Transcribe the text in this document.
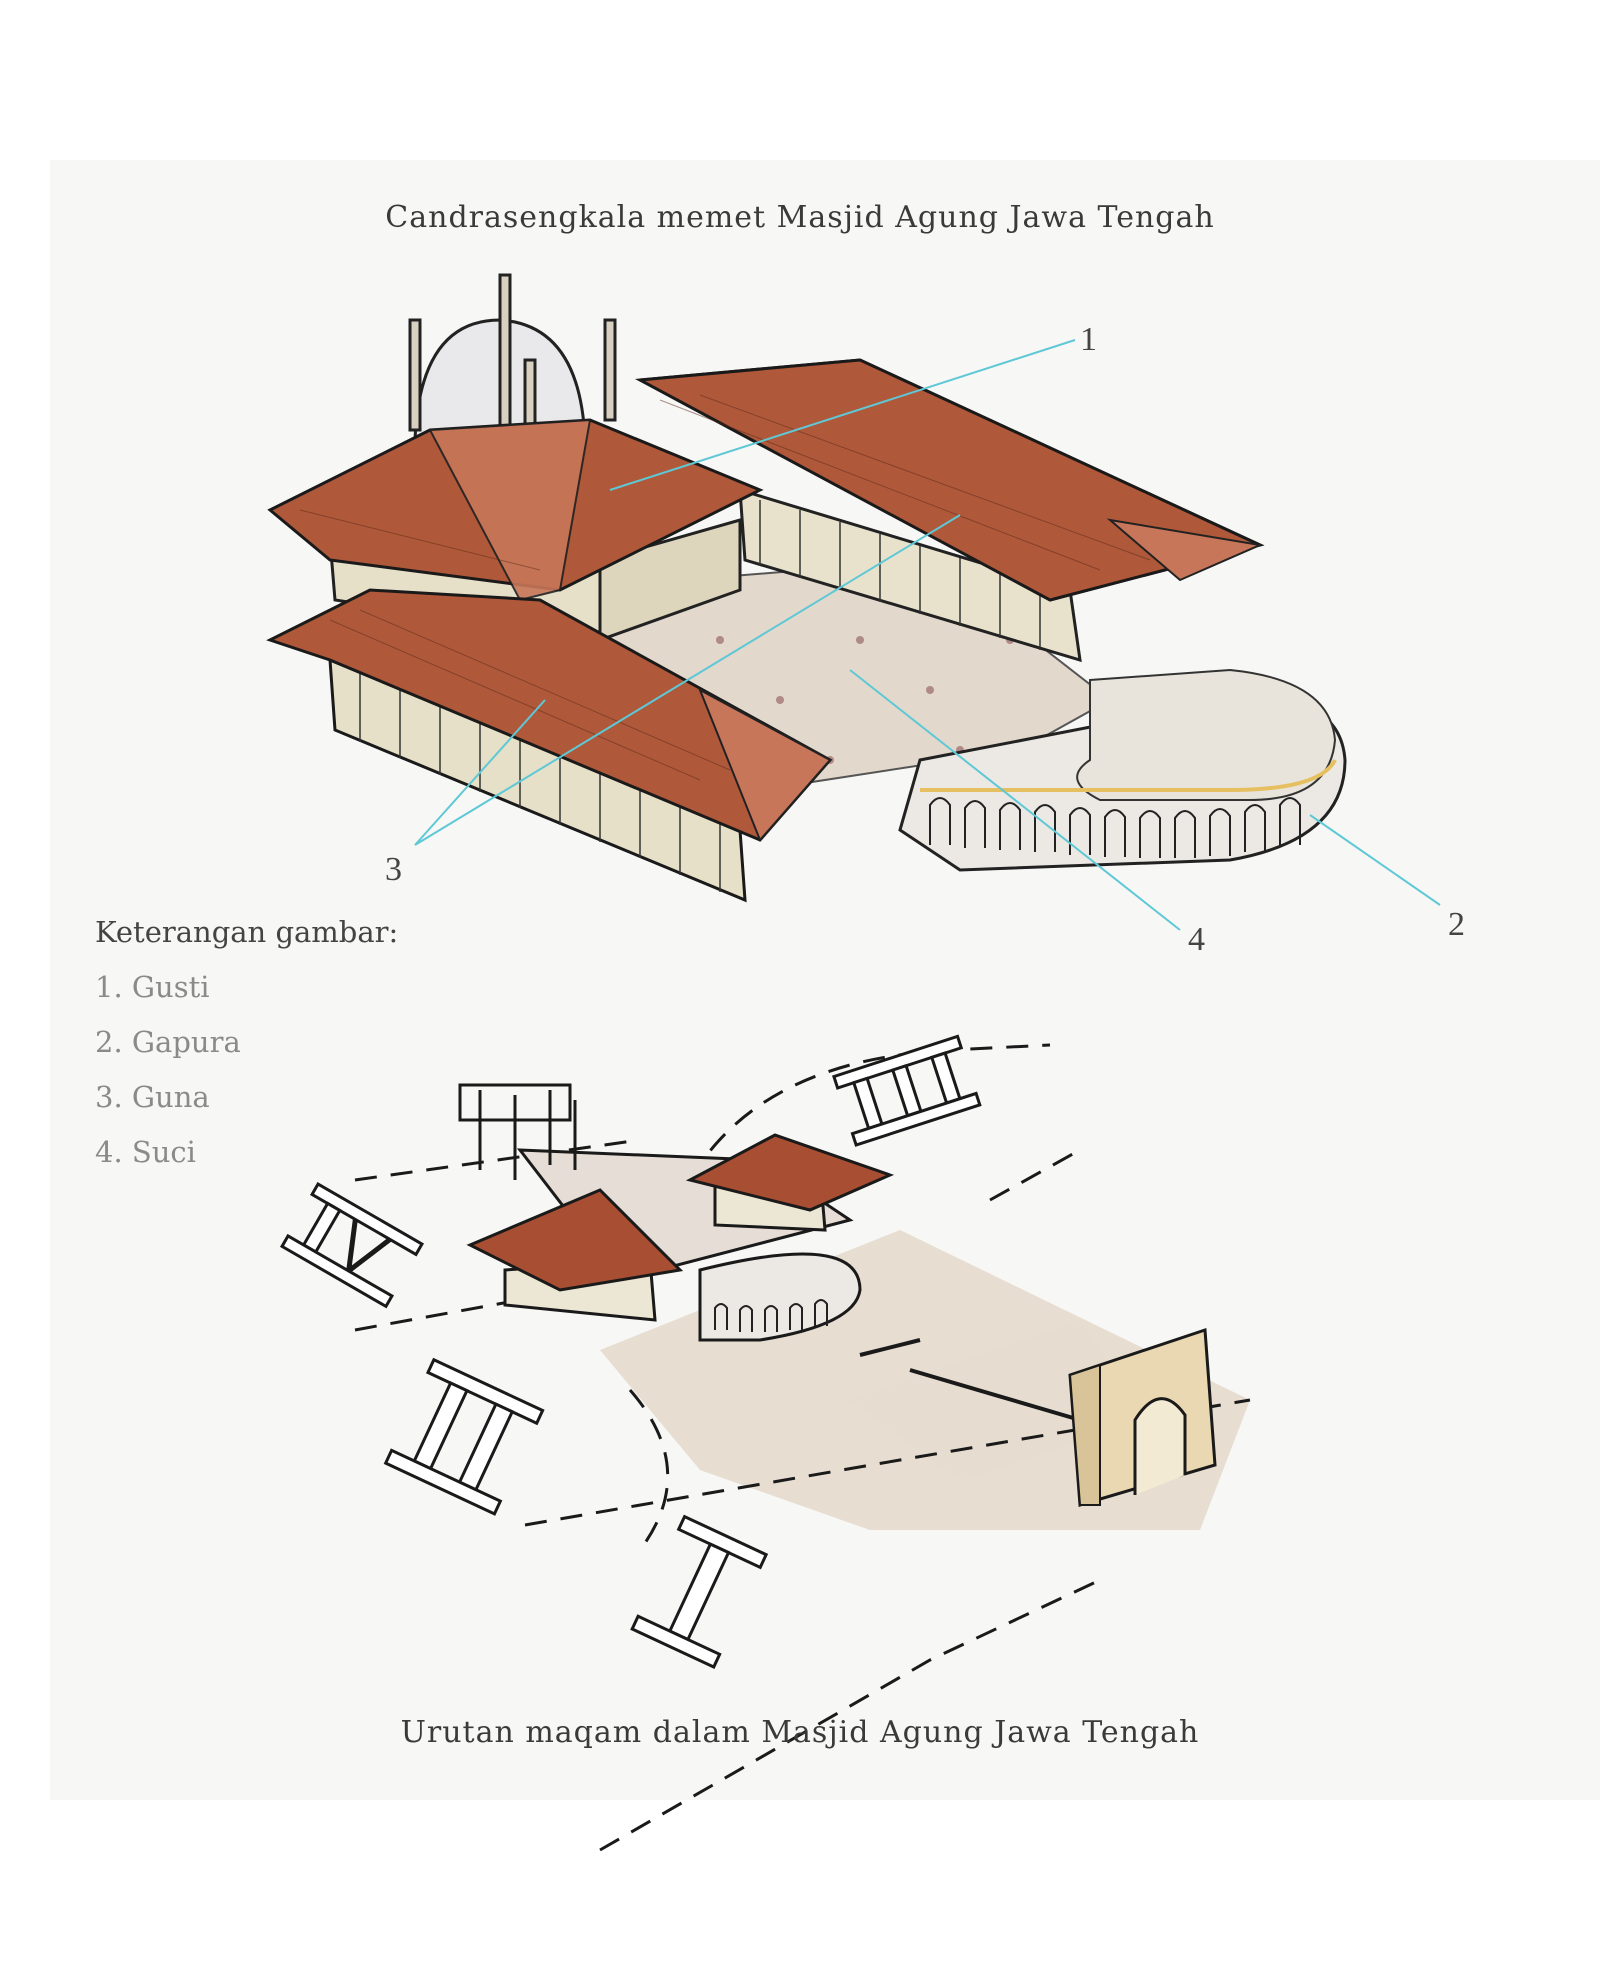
Candrasengkala memet Masjid Agung Jawa Tengah
1
2
3
4
Keterangan gambar:
1. Gusti
2. Gapura
3. Guna
4. Suci
Urutan maqam dalam Masjid Agung Jawa Tengah
